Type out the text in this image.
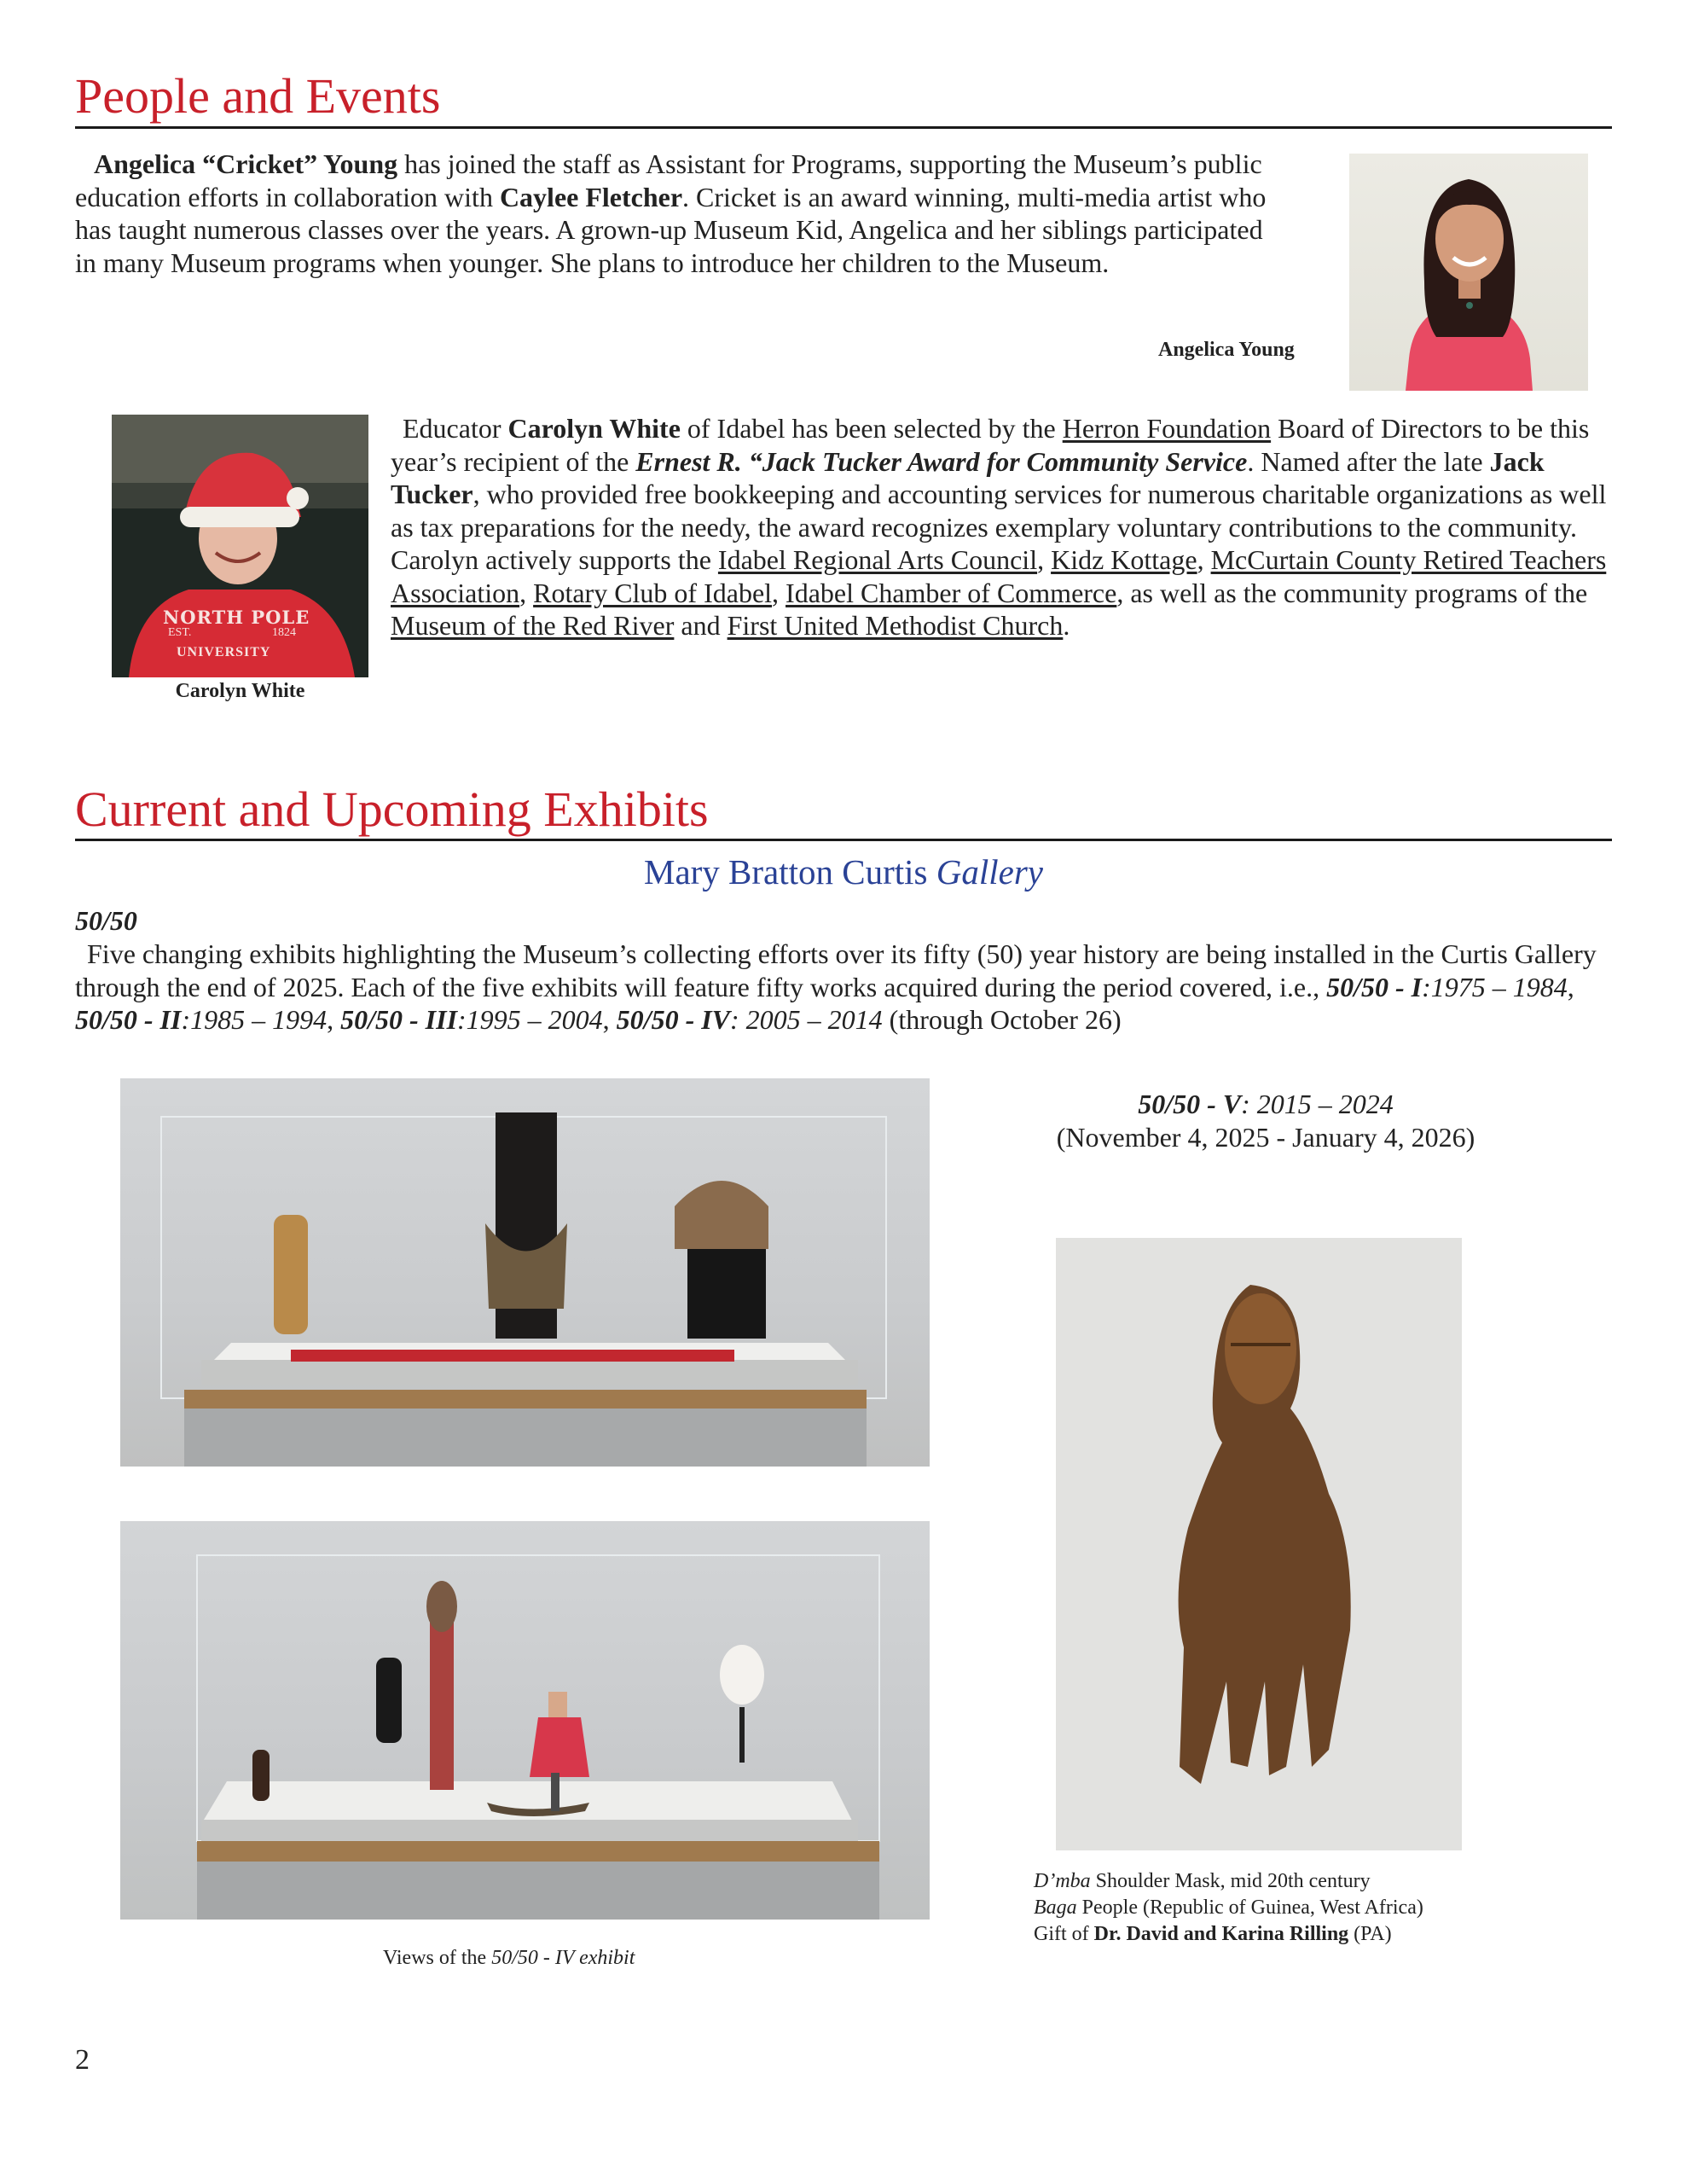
People and Events
Angelica “Cricket” Young has joined the staff as Assistant for Programs, supporting the Museum’s public education efforts in collaboration with Caylee Fletcher. Cricket is an award winning, multi-media artist who has taught numerous classes over the years. A grown-up Museum Kid, Angelica and her siblings participated in many Museum programs when younger. She plans to introduce her children to the Museum.
Angelica Young
NORTH POLE
EST.	1824
UNIVERSITY
Carolyn White
Educator Carolyn White of Idabel has been selected by the Herron Foundation Board of Directors to be this year’s recipient of the Ernest R. “Jack Tucker Award for Community Service. Named after the late Jack Tucker, who provided free bookkeeping and accounting services for numerous charitable organizations as well as tax preparations for the needy, the award recognizes exemplary voluntary contributions to the community. Carolyn actively supports the Idabel Regional Arts Council, Kidz Kottage, McCurtain County Retired Teachers Association, Rotary Club of Idabel, Idabel Chamber of Commerce, as well as the community programs of the Museum of the Red River and First United Methodist Church.
Current and Upcoming Exhibits
Mary Bratton Curtis Gallery
50/50
Five changing exhibits highlighting the Museum’s collecting efforts over its fifty (50) year history are being installed in the Curtis Gallery through the end of 2025. Each of the five exhibits will feature fifty works acquired during the period covered, i.e., 50/50 - I:1975 – 1984, 50/50 - II:1985 – 1994, 50/50 - III:1995 – 2004, 50/50 - IV: 2005 – 2014 (through October 26)
50/50 - V: 2015 – 2024
(November 4, 2025 - January 4, 2026)
Views of the 50/50 - IV exhibit
D’mba Shoulder Mask, mid 20th century
Baga People (Republic of Guinea, West Africa)
Gift of Dr. David and Karina Rilling (PA)
2
